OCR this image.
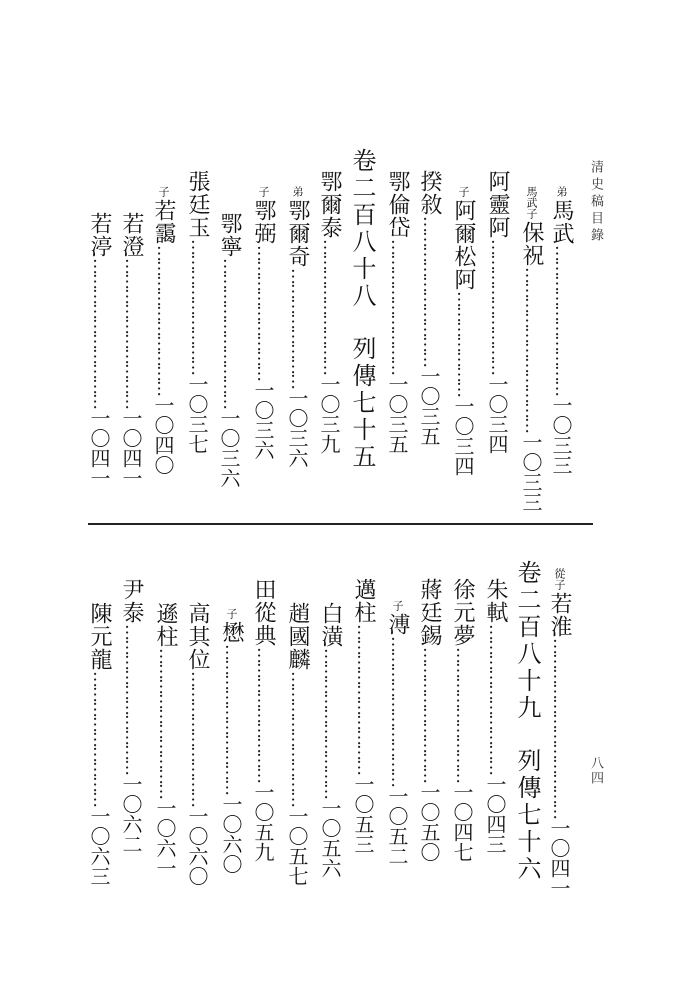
清史稿目錄
八四
弟馬武…………………………一〇三三
馬武子保祝……………………………一〇三三
阿靈阿………………………一〇三四
子阿爾松阿…………………一〇三四
揆敘…………………………一〇三五
鄂倫岱………………………一〇三五
卷二百八十八列傳七十五
鄂爾泰………………………一〇三九
弟鄂爾奇……………………一〇三六
子鄂弼………………………一〇三六
鄂寧…………………………一〇三六
張廷玉………………………一〇三七
子若靄…………………………一〇四〇
若澄…………………………一〇四一
若渟…………………………一〇四一
從子若淮………………………………一〇四一
卷二百八十九列傳七十六
朱軾…………………………一〇四三
徐元夢………………………一〇四七
蔣廷錫………………………一〇五〇
子溥…………………………一〇五二
邁柱…………………………一〇五三
白潢…………………………一〇五六
趙國麟………………………一〇五七
田從典………………………一〇五九
子懋…………………………一〇六〇
高其位………………………一〇六〇
遜柱…………………………一〇六一
尹泰…………………………一〇六二
陳元龍………………………一〇六三
